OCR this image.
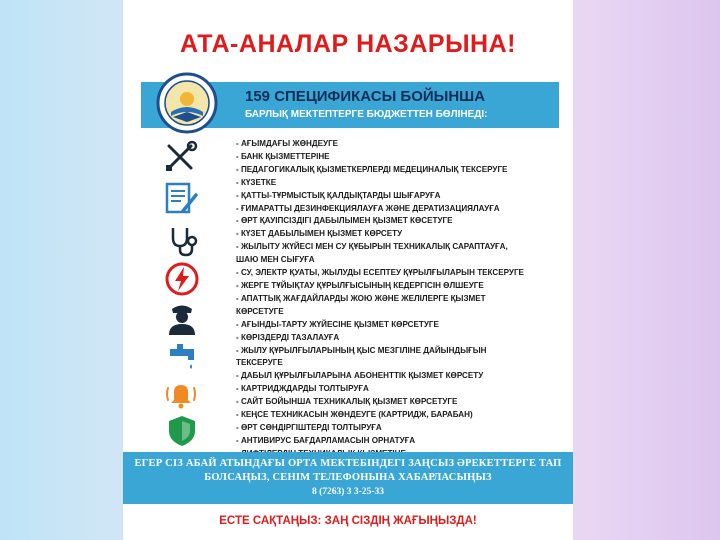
АТА-АНАЛАР НАЗАРЫНА!
159 СПЕЦИФИКАСЫ БОЙЫНША
БАРЛЫҚ МЕКТЕПТЕРГЕ БЮДЖЕТТЕН БӨЛІНЕДІ:
- АҒЫМДАҒЫ ЖӨНДЕУГЕ
- БАНК ҚЫЗМЕТТЕРІНЕ
- ПЕДАГОГИКАЛЫҚ ҚЫЗМЕТКЕРЛЕРДІ МЕДЕЦИНАЛЫҚ ТЕКСЕРУГЕ
- КҮЗЕТКЕ
- ҚАТТЫ-ТҰРМЫСТЫҚ ҚАЛДЫҚТАРДЫ ШЫҒАРУҒА
- ҒИМАРАТТЫ ДЕЗИНФЕКЦИЯЛАУҒА ЖӘНЕ ДЕРАТИЗАЦИЯЛАУҒА
- ӨРТ ҚАУІПСІЗДІГІ ДАБЫЛЫМЕН ҚЫЗМЕТ КӨСЕТУГЕ
- КҮЗЕТ ДАБЫЛЫМЕН ҚЫЗМЕТ КӨРСЕТУ
- ЖЫЛЫТУ ЖҮЙЕСІ МЕН СУ ҚҰБЫРЫН ТЕХНИКАЛЫҚ САРАПТАУҒА,
ШАЮ МЕН СЫҒУҒА
- СУ, ЭЛЕКТР ҚУАТЫ, ЖЫЛУДЫ ЕСЕПТЕУ ҚҰРЫЛҒЫЛАРЫН ТЕКСЕРУГЕ
- ЖЕРГЕ ТҰЙЫҚТАУ ҚҰРЫЛҒЫСЫНЫҢ КЕДЕРГІСІН ӨЛШЕУГЕ
- АПАТТЫҚ ЖАҒДАЙЛАРДЫ ЖОЮ ЖӘНЕ ЖЕЛІЛЕРГЕ ҚЫЗМЕТ
КӨРСЕТУГЕ
- АҒЫНДЫ-ТАРТУ ЖҮЙЕСІНЕ ҚЫЗМЕТ КӨРСЕТУГЕ
- КӨРІЗДЕРДІ ТАЗАЛАУҒА
- ЖЫЛУ ҚҰРЫЛҒЫЛАРЫНЫҢ ҚЫС МЕЗГІЛІНЕ ДАЙЫНДЫҒЫН
ТЕКСЕРУГЕ
- ДАБЫЛ ҚҰРЫЛҒЫЛАРЫНА АБОНЕНТТІК ҚЫЗМЕТ КӨРСЕТУ
- КАРТРИДЖДАРДЫ ТОЛТЫРУҒА
- САЙТ БОЙЫНША ТЕХНИКАЛЫҚ ҚЫЗМЕТ КӨРСЕТУГЕ
- КЕҢСЕ ТЕХНИКАСЫН ЖӨНДЕУГЕ (КАРТРИДЖ, БАРАБАН)
- ӨРТ СӨНДІРГІШТЕРДІ ТОЛТЫРУҒА
- АНТИВИРУС БАҒДАРЛАМАСЫН ОРНАТУҒА
ЕГЕР СІЗ АБАЙ АТЫНДАҒЫ ОРТА МЕКТЕБІНДЕГІ ЗАҢСЫЗ ӘРЕКЕТТЕРГЕ ТАП
БОЛСАҢЫЗ, СЕНІМ ТЕЛЕФОНЫНА ХАБАРЛАСЫҢЫЗ
8 (7263) 3 3-25-33
ЕСТЕ САҚТАҢЫЗ: ЗАҢ СІЗДІҢ ЖАҒЫҢЫЗДА!
